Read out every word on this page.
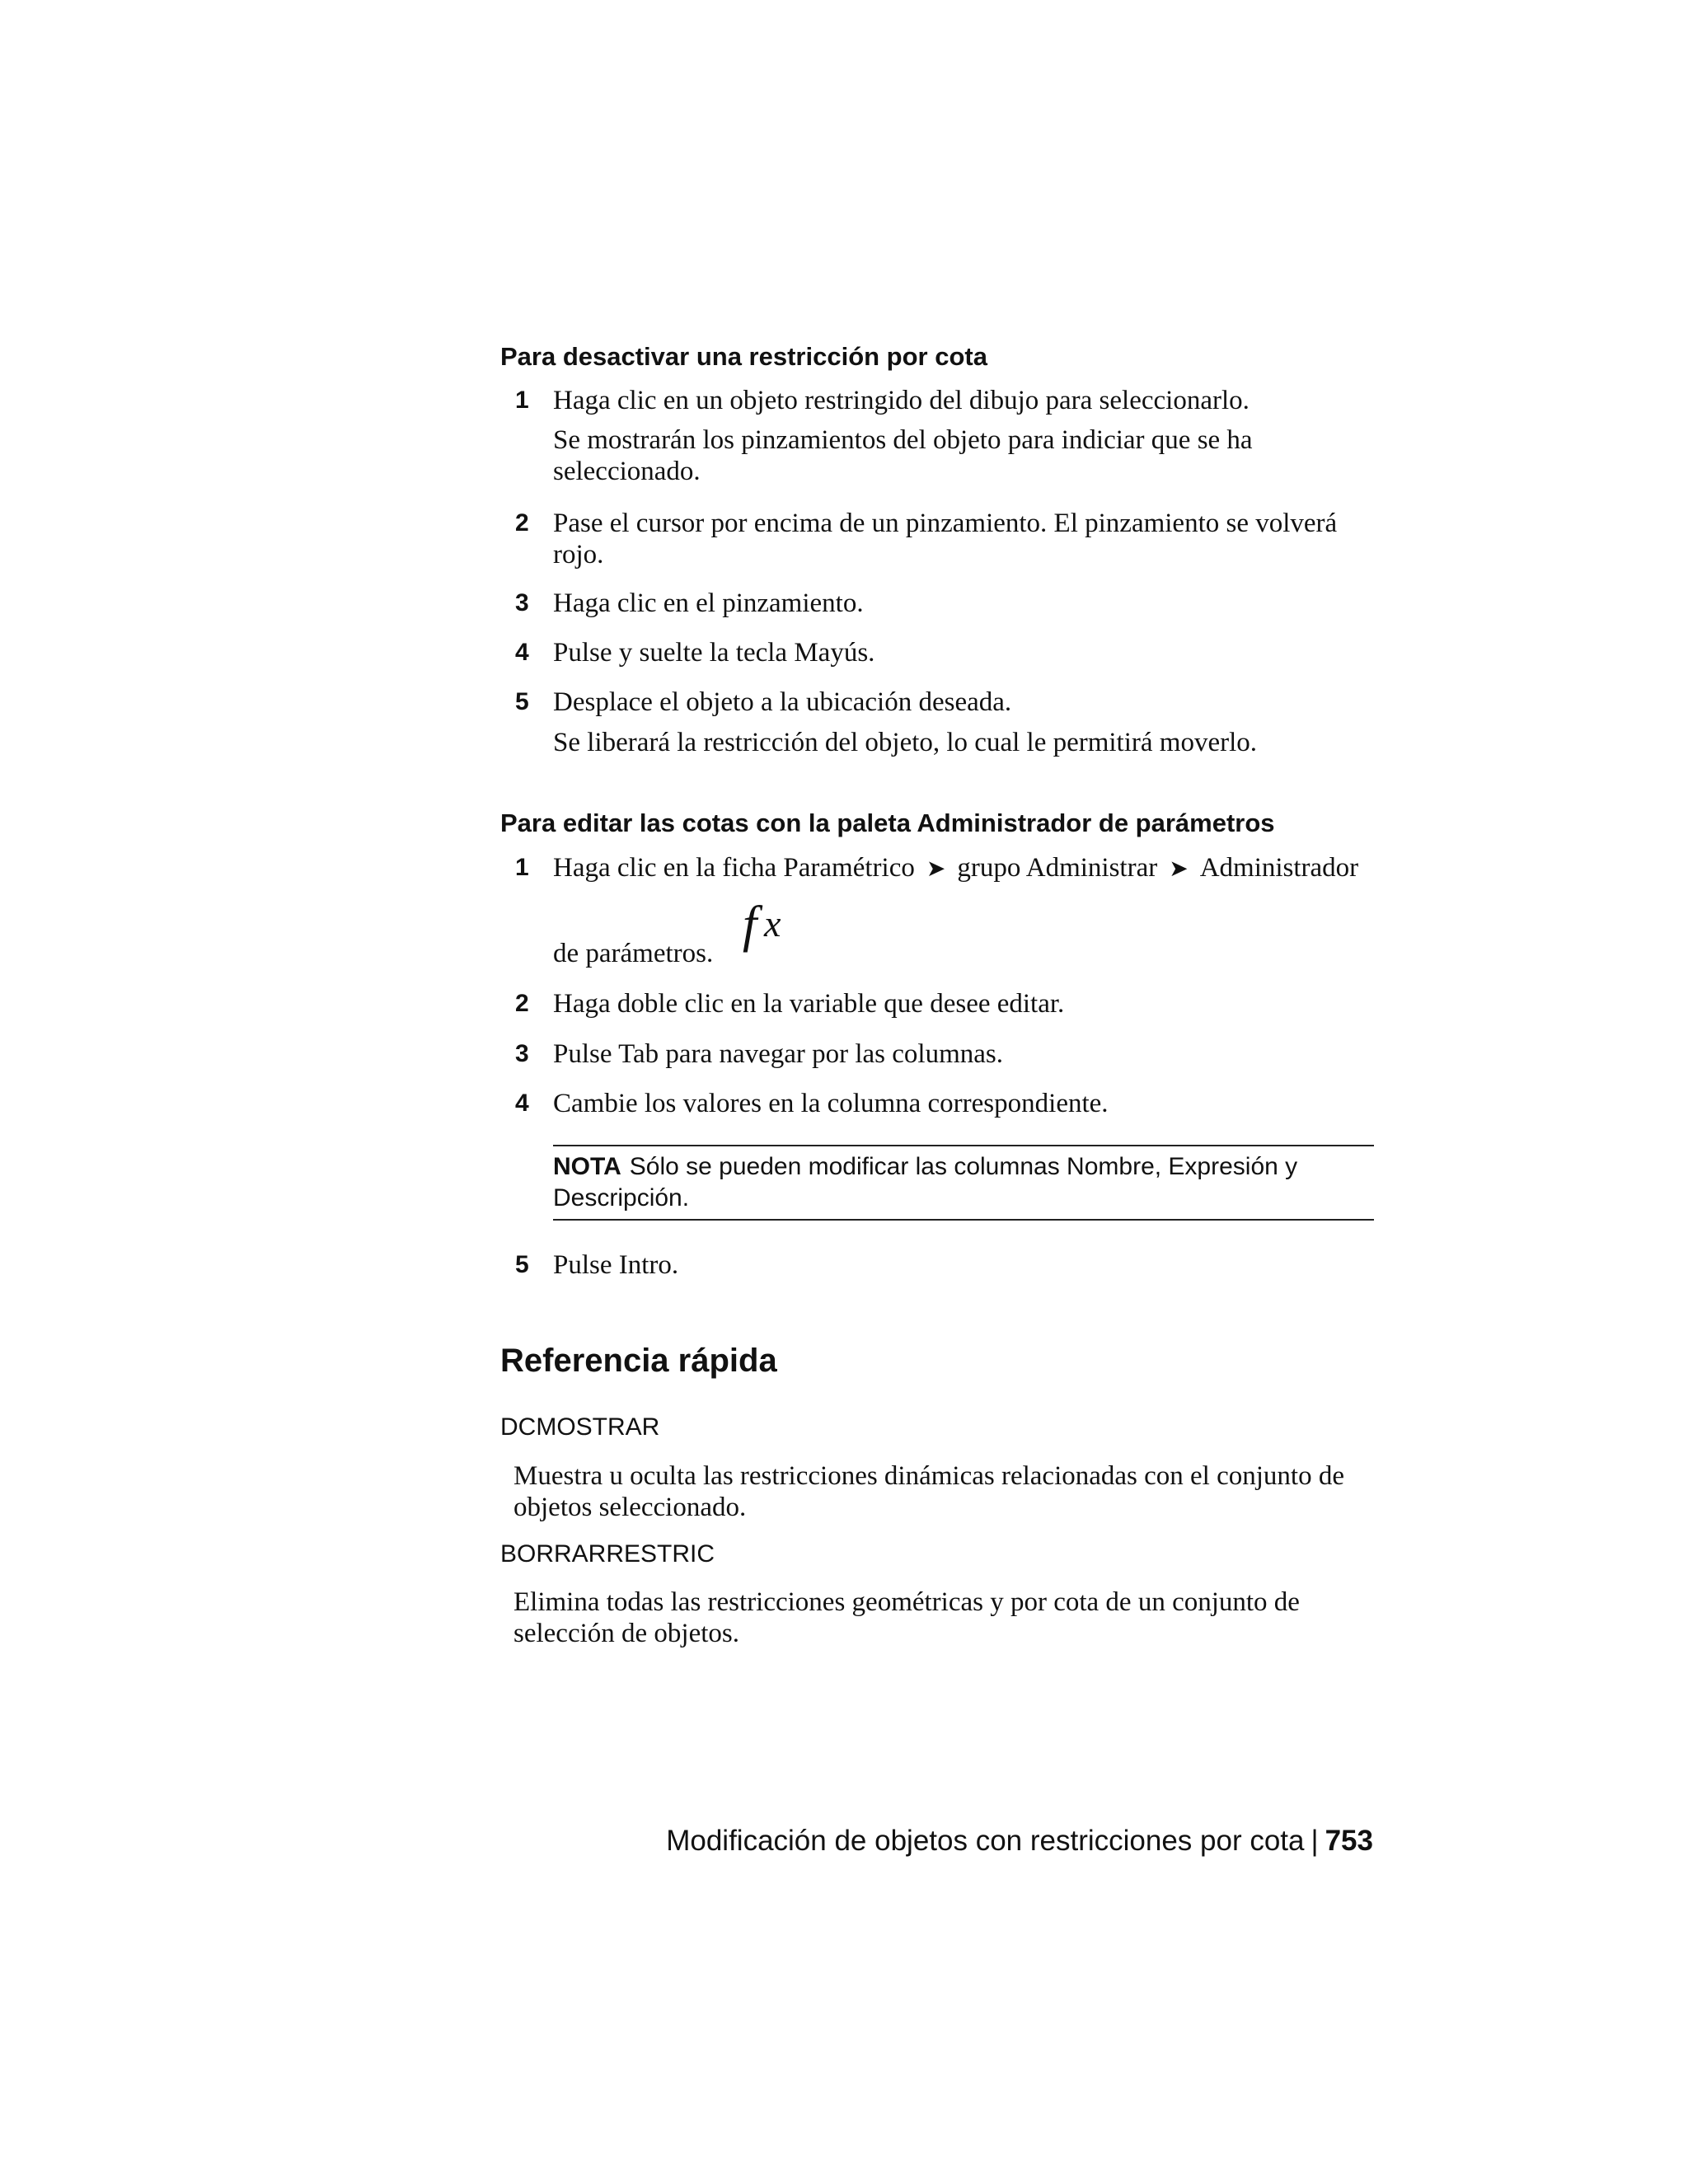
Para desactivar una restricción por cota
1 Haga clic en un objeto restringido del dibujo para seleccionarlo.
Se mostrarán los pinzamientos del objeto para indiciar que se ha seleccionado.
2 Pase el cursor por encima de un pinzamiento. El pinzamiento se volverá rojo.
3 Haga clic en el pinzamiento.
4 Pulse y suelte la tecla Mayús.
5 Desplace el objeto a la ubicación deseada.
Se liberará la restricción del objeto, lo cual le permitirá moverlo.
Para editar las cotas con la paleta Administrador de parámetros
1 Haga clic en la ficha Paramétrico ➤ grupo Administrar ➤ Administrador
de parámetros.
f x
2 Haga doble clic en la variable que desee editar.
3 Pulse Tab para navegar por las columnas.
4 Cambie los valores en la columna correspondiente.
NOTA Sólo se pueden modificar las columnas Nombre, Expresión y Descripción.
5 Pulse Intro.
Referencia rápida
DCMOSTRAR
Muestra u oculta las restricciones dinámicas relacionadas con el conjunto de objetos seleccionado.
BORRARRESTRIC
Elimina todas las restricciones geométricas y por cota de un conjunto de selección de objetos.
Modificación de objetos con restricciones por cota | 753
